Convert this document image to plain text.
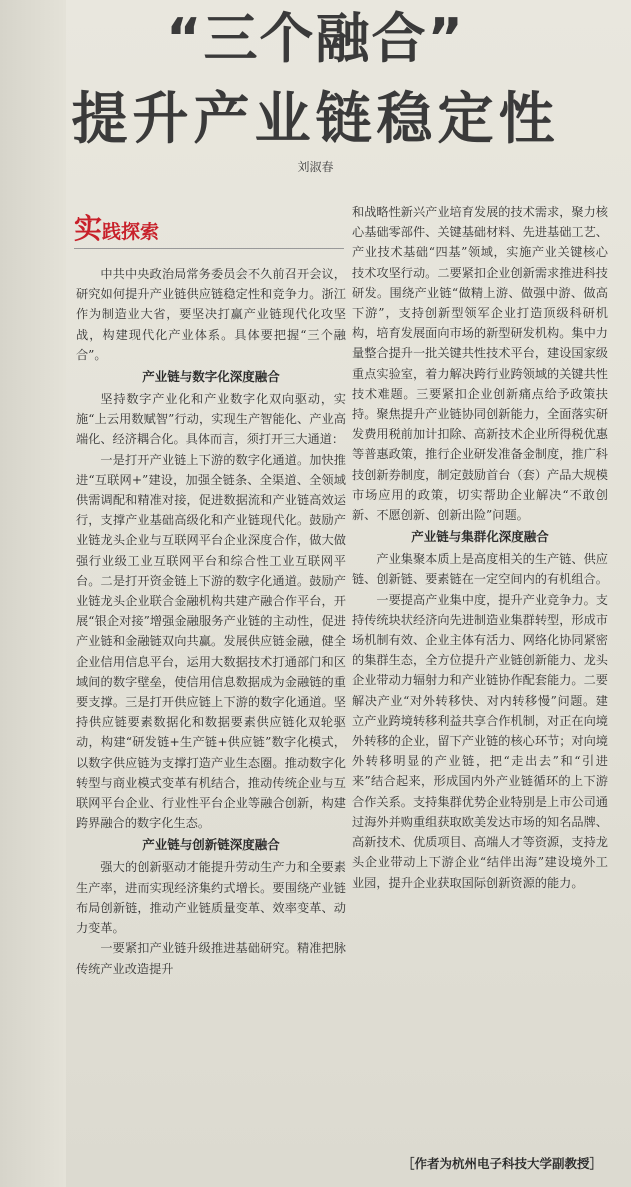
“三个融合”
提升产业链稳定性
刘淑春
实践探索

中共中央政治局常务委员会不久前召开会议，研究如何提升产业链供应链稳定性和竞争力。浙江作为制造业大省，要坚决打赢产业链现代化攻坚战，构建现代化产业体系。具体要把握“三个融合”。

产业链与数字化深度融合

坚持数字产业化和产业数字化双向驱动，实施“上云用数赋智”行动，实现生产智能化、产业高端化、经济耦合化。具体而言，须打开三大通道：

一是打开产业链上下游的数字化通道。加快推进“互联网+”建设，加强全链条、全渠道、全领域供需调配和精准对接，促进数据流和产业链高效运行，支撑产业基础高级化和产业链现代化。鼓励产业链龙头企业与互联网平台企业深度合作，做大做强行业级工业互联网平台和综合性工业互联网平台。二是打开资金链上下游的数字化通道。鼓励产业链龙头企业联合金融机构共建产融合作平台，开展“银企对接”增强金融服务产业链的主动性，促进产业链和金融链双向共赢。发展供应链金融，健全企业信用信息平台，运用大数据技术打通部门和区域间的数字壁垒，使信用信息数据成为金融链的重要支撑。三是打开供应链上下游的数字化通道。坚持供应链要素数据化和数据要素供应链化双轮驱动，构建“研发链+生产链+供应链”数字化模式，以数字供应链为支撑打造产业生态圈。推动数字化转型与商业模式变革有机结合，推动传统企业与互联网平台企业、行业性平台企业等融合创新，构建跨界融合的数字化生态。

产业链与创新链深度融合

强大的创新驱动才能提升劳动生产力和全要素生产率，进而实现经济集约式增长。要围绕产业链布局创新链，推动产业链质量变革、效率变革、动力变革。

一要紧扣产业链升级推进基础研究。精准把脉传统产业改造提升

和战略性新兴产业培育发展的技术需求，聚力核心基础零部件、关键基础材料、先进基础工艺、产业技术基础“四基”领域，实施产业关键核心技术攻坚行动。二要紧扣企业创新需求推进科技研发。围绕产业链“做精上游、做强中游、做高下游”，支持创新型领军企业打造顶级科研机构，培育发展面向市场的新型研发机构。集中力量整合提升一批关键共性技术平台，建设国家级重点实验室，着力解决跨行业跨领域的关键共性技术难题。三要紧扣企业创新痛点给予政策扶持。聚焦提升产业链协同创新能力，全面落实研发费用税前加计扣除、高新技术企业所得税优惠等普惠政策，推行企业研发准备金制度，推广科技创新券制度，制定鼓励首台（套）产品大规模市场应用的政策，切实帮助企业解决“不敢创新、不愿创新、创新出险”问题。

产业链与集群化深度融合

产业集聚本质上是高度相关的生产链、供应链、创新链、要素链在一定空间内的有机组合。

一要提高产业集中度，提升产业竞争力。支持传统块状经济向先进制造业集群转型，形成市场机制有效、企业主体有活力、网络化协同紧密的集群生态，全方位提升产业链创新能力、龙头企业带动力辐射力和产业链协作配套能力。二要解决产业“对外转移快、对内转移慢”问题。建立产业跨境转移利益共享合作机制，对正在向境外转移的企业，留下产业链的核心环节；对向境外转移明显的产业链，把“走出去”和“引进来”结合起来，形成国内外产业链循环的上下游合作关系。支持集群优势企业特别是上市公司通过海外并购重组获取欧美发达市场的知名品牌、高新技术、优质项目、高端人才等资源，支持龙头企业带动上下游企业“结伴出海”建设境外工业园，提升企业获取国际创新资源的能力。

［作者为杭州电子科技大学副教授］
